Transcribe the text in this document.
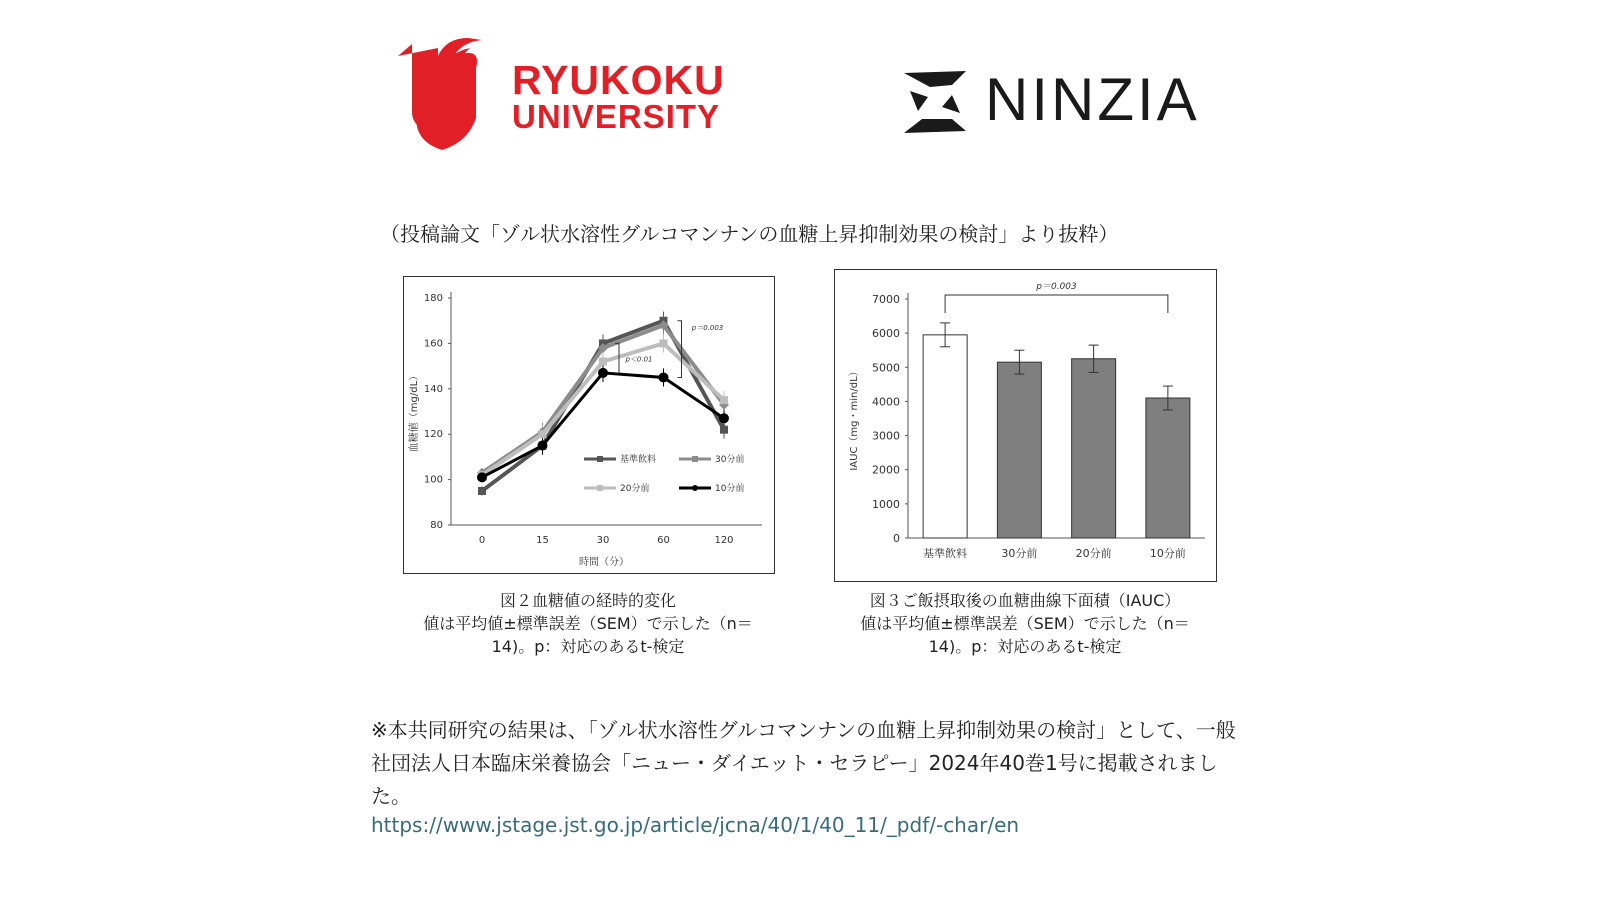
RYUKOKU
UNIVERSITY	NINZIA
（投稿論文「ゾル状水溶性グルコマンナンの血糖上昇抑制効果の検討」より抜粋）
180
160
140
120
100
80
0	15	30	60	120
時間（分）
血糖値（mg/dL）
p＜0.01
p＝0.003
基準飲料	30分前
20分前	10分前
7000
6000
5000
4000
3000
2000
1000
0
IAUC（mg・min/dL）
基準飲料	30分前	20分前	10分前
p＝0.003
図２血糖値の経時的変化
値は平均値±標準誤差（SEM）で示した（n＝
14)。p：対応のあるt-検定
図３ご飯摂取後の血糖曲線下面積（IAUC）
値は平均値±標準誤差（SEM）で示した（n＝
14)。p：対応のあるt-検定
※本共同研究の結果は、「ゾル状水溶性グルコマンナンの血糖上昇抑制効果の検討」として、一般社団法人日本臨床栄養協会「ニュー・ダイエット・セラピー」2024年40巻1号に掲載されました。
https://www.jstage.jst.go.jp/article/jcna/40/1/40_11/_pdf/-char/en
